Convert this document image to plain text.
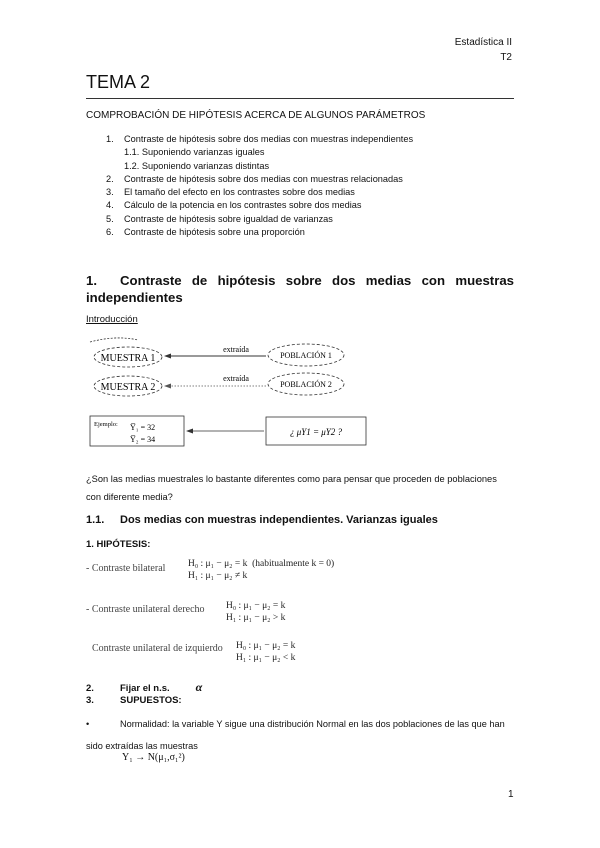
Estadística II
T2
TEMA 2
COMPROBACIÓN DE HIPÓTESIS ACERCA DE ALGUNOS PARÁMETROS
1. Contraste de hipótesis sobre dos medias con muestras independientes
1.1. Suponiendo varianzas iguales
1.2. Suponiendo varianzas distintas
2. Contraste de hipótesis sobre dos medias con muestras relacionadas
3. El tamaño del efecto en los contrastes sobre dos medias
4. Cálculo de la potencia en los contrastes sobre dos medias
5. Contraste de hipótesis sobre igualdad de varianzas
6. Contraste de hipótesis sobre una proporción
1. Contraste de hipótesis sobre dos medias con muestras independientes
Introducción
MUESTRA 1
MUESTRA 2
POBLACIÓN 1
POBLACIÓN 2
extraída
extraída
Ejemplo: Y̅₁ = 32
Y̅₂ = 34
¿ μY1 = μY2 ?
¿Son las medias muestrales lo bastante diferentes como para pensar que proceden de poblaciones con diferente media?
1.1. Dos medias con muestras independientes. Varianzas iguales
1. HIPÓTESIS:
- Contraste bilateral H₀ : μ₁ − μ₂ = k (habitualmente k = 0)
H₁ : μ₁ − μ₂ ≠ k
- Contraste unilateral derecho H₀ : μ₁ − μ₂ = k
H₁ : μ₁ − μ₂ > k
Contraste unilateral de izquierdo H₀ : μ₁ − μ₂ = k
H₁ : μ₁ − μ₂ < k
2.	Fijar el n.s. α
3.	SUPUESTOS:
•	Normalidad: la variable Y sigue una distribución Normal en las dos poblaciones de las que han sido extraídas las muestras
Y₁ → N(μ₁,σ₁²)
1
